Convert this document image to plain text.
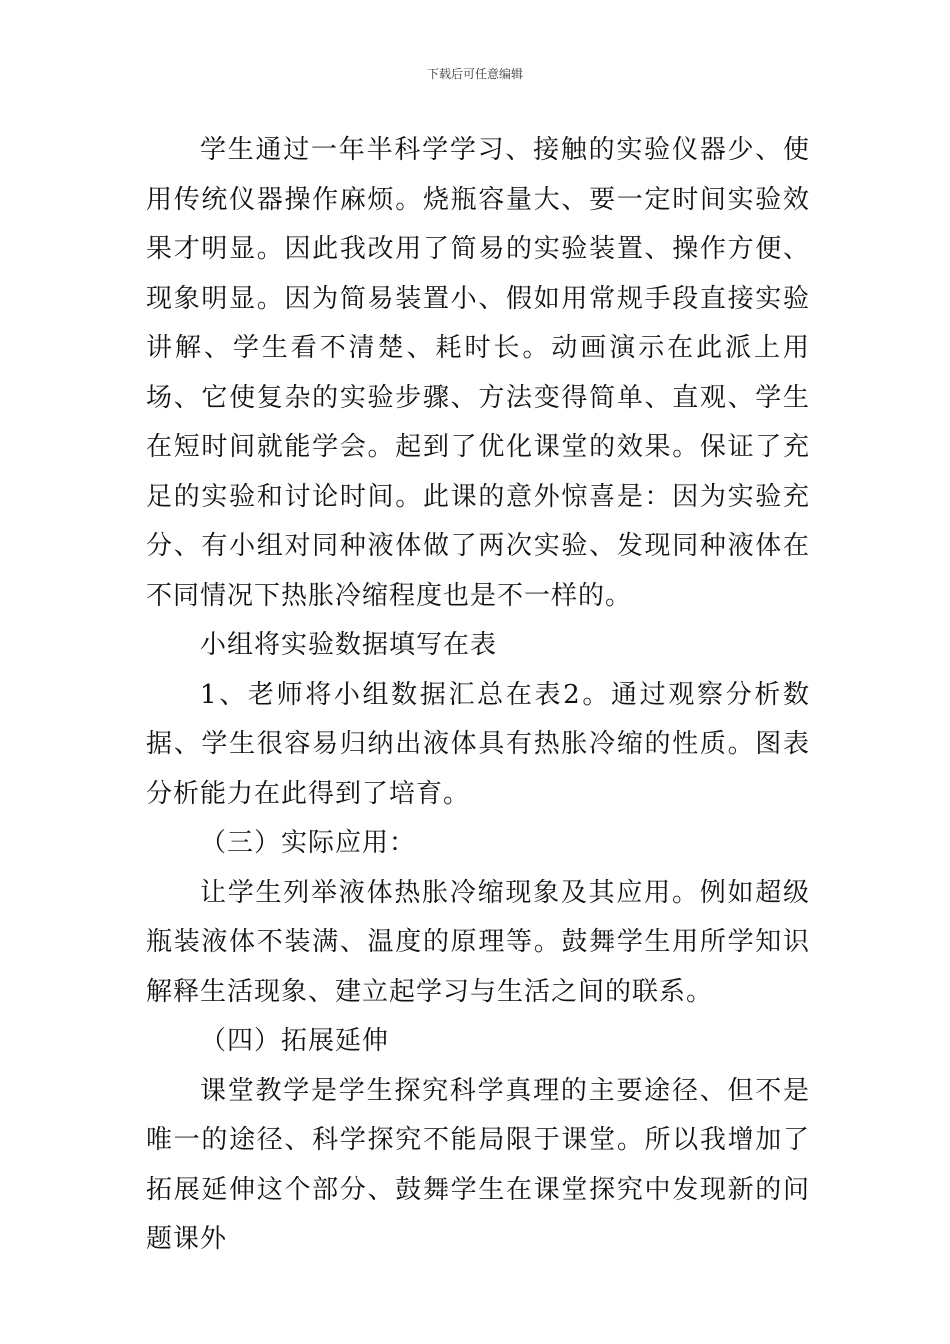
下载后可任意编辑

学生通过一年半科学学习、接触的实验仪器少、使用传统仪器操作麻烦。烧瓶容量大、要一定时间实验效果才明显。因此我改用了简易的实验装置、操作方便、现象明显。因为简易装置小、假如用常规手段直接实验讲解、学生看不清楚、耗时长。动画演示在此派上用场、它使复杂的实验步骤、方法变得简单、直观、学生在短时间就能学会。起到了优化课堂的效果。保证了充足的实验和讨论时间。此课的意外惊喜是：因为实验充分、有小组对同种液体做了两次实验、发现同种液体在不同情况下热胀冷缩程度也是不一样的。

小组将实验数据填写在表

1、老师将小组数据汇总在表2。通过观察分析数据、学生很容易归纳出液体具有热胀冷缩的性质。图表分析能力在此得到了培育。

（三）实际应用：

让学生列举液体热胀冷缩现象及其应用。例如超级瓶装液体不装满、温度的原理等。鼓舞学生用所学知识解释生活现象、建立起学习与生活之间的联系。

（四）拓展延伸

课堂教学是学生探究科学真理的主要途径、但不是唯一的途径、科学探究不能局限于课堂。所以我增加了拓展延伸这个部分、鼓舞学生在课堂探究中发现新的问题课外
